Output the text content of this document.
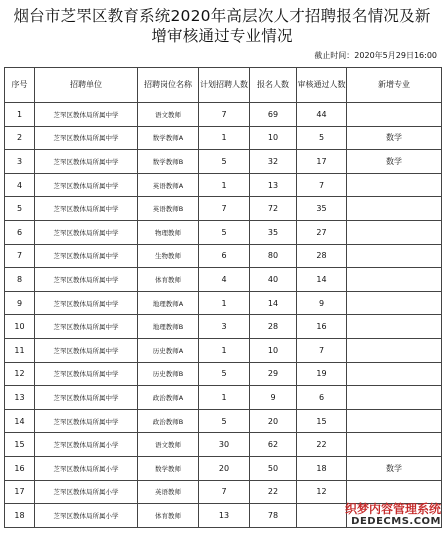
烟台市芝罘区教育系统2020年高层次人才招聘报名情况及新
增审核通过专业情况
截止时间：2020年5月29日16:00
序号	招聘单位	招聘岗位名称	计划招聘人数	报名人数	审核通过人数	新增专业
1	芝罘区教体局所属中学	语文教师	7	69	44	
2	芝罘区教体局所属中学	数学教师A	1	10	5	数学
3	芝罘区教体局所属中学	数学教师B	5	32	17	数学
4	芝罘区教体局所属中学	英语教师A	1	13	7	
5	芝罘区教体局所属中学	英语教师B	7	72	35	
6	芝罘区教体局所属中学	物理教师	5	35	27	
7	芝罘区教体局所属中学	生物教师	6	80	28	
8	芝罘区教体局所属中学	体育教师	4	40	14	
9	芝罘区教体局所属中学	地理教师A	1	14	9	
10	芝罘区教体局所属中学	地理教师B	3	28	16	
11	芝罘区教体局所属中学	历史教师A	1	10	7	
12	芝罘区教体局所属中学	历史教师B	5	29	19	
13	芝罘区教体局所属中学	政治教师A	1	9	6	
14	芝罘区教体局所属中学	政治教师B	5	20	15	
15	芝罘区教体局所属小学	语文教师	30	62	22	
16	芝罘区教体局所属小学	数学教师	20	50	18	数学
17	芝罘区教体局所属小学	英语教师	7	22	12	
18	芝罘区教体局所属小学	体育教师	13	78			织梦内容管理系统
DEDECMS.COM
